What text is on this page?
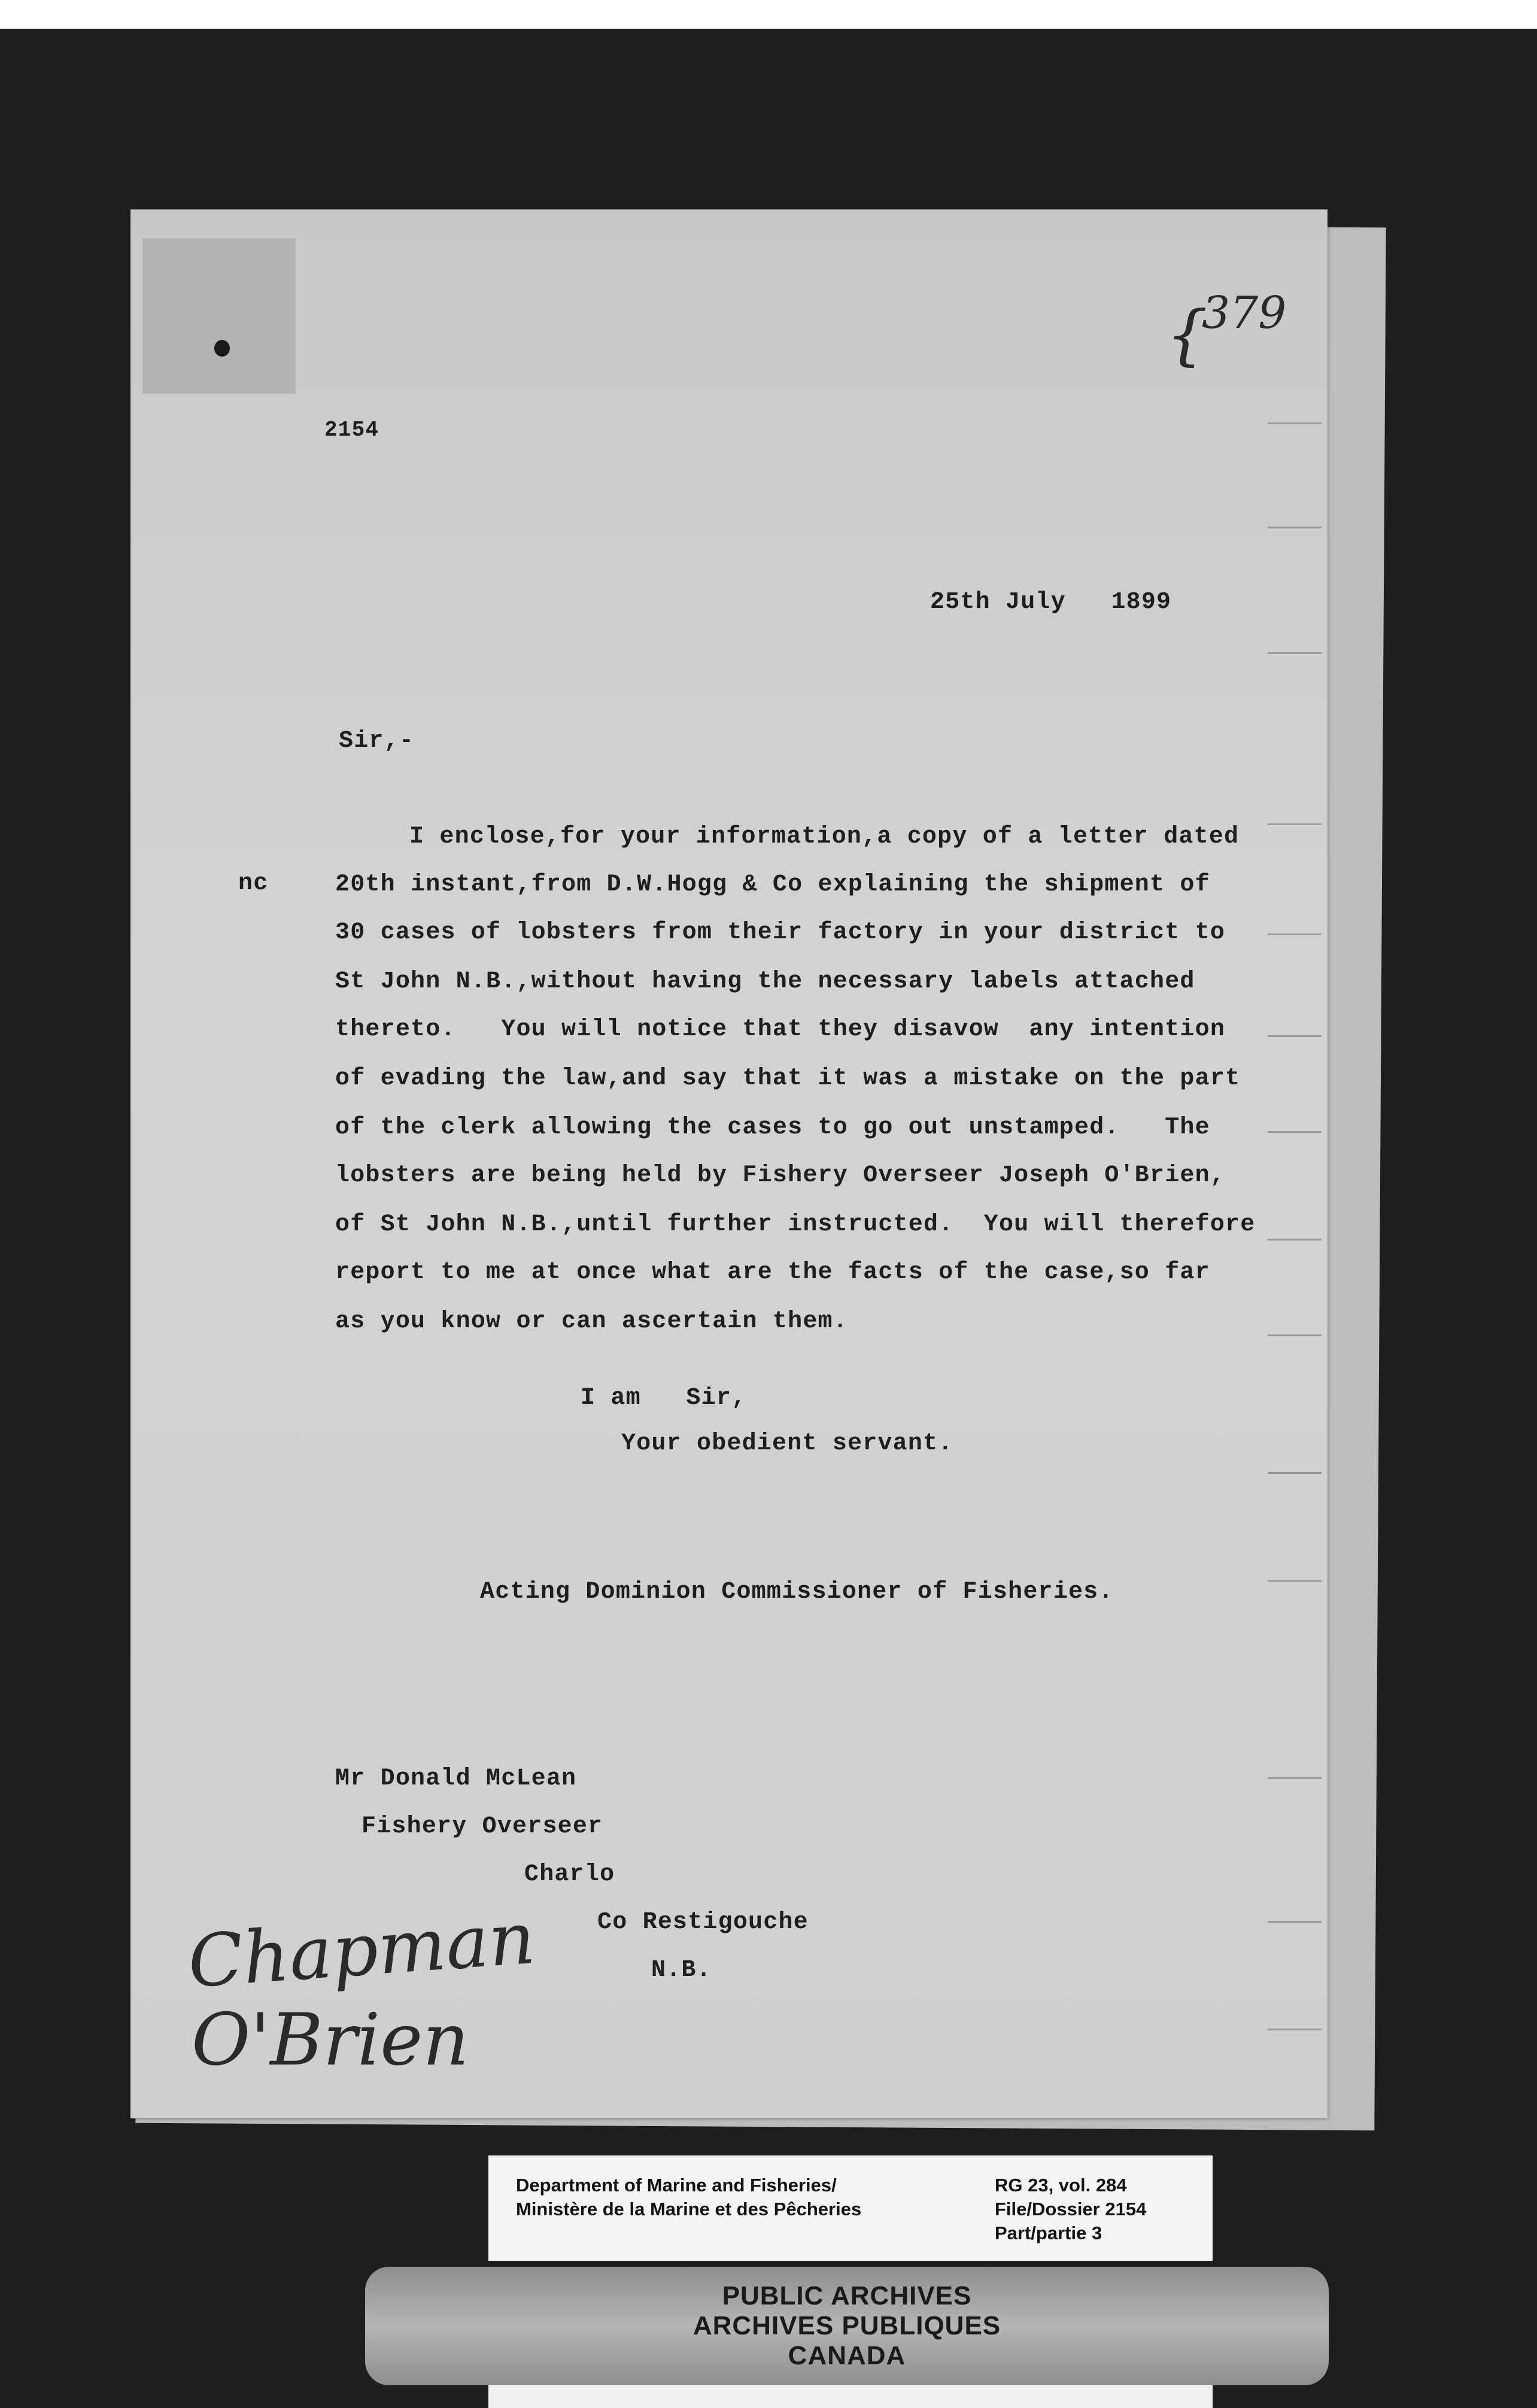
{
379
2154
25th July   1899
Sir,-
nc
I enclose,for your information,a copy of a letter dated
20th instant,from D.W.Hogg & Co explaining the shipment of
30 cases of lobsters from their factory in your district to
St John N.B.,without having the necessary labels attached
thereto.   You will notice that they disavow  any intention
of evading the law,and say that it was a mistake on the part
of the clerk allowing the cases to go out unstamped.   The
lobsters are being held by Fishery Overseer Joseph O'Brien,
of St John N.B.,until further instructed.  You will therefore
report to me at once what are the facts of the case,so far
as you know or can ascertain them.
I am   Sir,
Your obedient servant.
Acting Dominion Commissioner of Fisheries.
Mr Donald McLean
Fishery Overseer
Charlo
Co Restigouche
N.B.
Chapman
O'Brien
Department of Marine and Fisheries/
Ministère de la Marine et des Pêcheries
RG 23, vol. 284
File/Dossier 2154
Part/partie 3
PUBLIC ARCHIVES
ARCHIVES PUBLIQUES
CANADA
